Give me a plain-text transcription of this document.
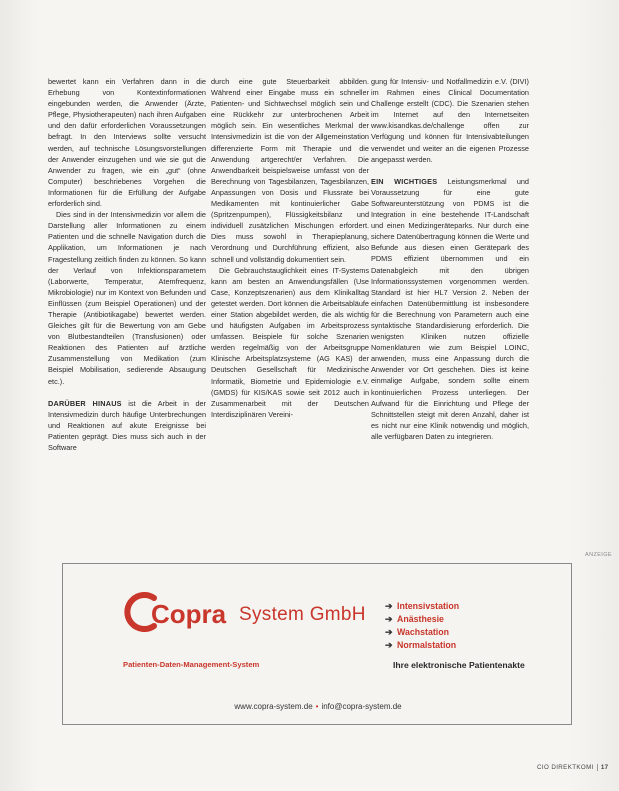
bewertet kann ein Verfahren dann in die Erhebung von Kontextinformationen eingebunden werden, die Anwender (Ärzte, Pflege, Physiotherapeuten) nach ihren Aufgaben und den dafür erforderlichen Voraussetzungen befragt. In den Interviews sollte versucht werden, auf technische Lösungsvorstellungen der Anwender einzugehen und wie sie gut die Anwender zu fragen, wie ein „gut“ (ohne Computer) beschriebenes Vorgehen die Informationen für die Erfüllung der Aufgabe erforderlich sind.

Dies sind in der Intensivmedizin vor allem die Darstellung aller Informationen zu einem Patienten und die schnelle Navigation durch die Applikation, um Informationen je nach Fragestellung zeitlich finden zu können. So kann der Verlauf von Infektionsparametern (Laborwerte, Temperatur, Atemfrequenz, Mikrobiologie) nur im Kontext von Befunden und Einflüssen (zum Beispiel Operationen) und der Therapie (Antibiotikagabe) bewertet werden. Gleiches gilt für die Bewertung von am Gebe von Blutbestandteilen (Transfusionen) oder Reaktionen des Patienten auf ärztliche Zusammenstellung von Medikation (zum Beispiel Mobilisation, sedierende Absaugung etc.).

DARÜBER HINAUS ist die Arbeit in der Intensivmedizin durch häufige Unterbrechungen und Reaktionen auf akute Ereignisse bei Patienten geprägt. Dies muss sich auch in der Software

durch eine gute Steuerbarkeit abbilden. Während einer Eingabe muss ein schneller Patienten- und Sichtwechsel möglich sein und eine Rückkehr zur unterbrochenen Arbeit möglich sein. Ein wesentliches Merkmal der Intensivmedizin ist die von der Allgemeinstation differenzierte Form mit Therapie und die Anwendung artgerecht/er Verfahren. Die Anwendbarkeit beispielsweise umfasst von der Berechnung von Tagesbilanzen, Tagesbilanzen, Anpassungen von Dosis und Flussrate bei Medikamenten mit kontinuierlicher Gabe (Spritzenpumpen), Flüssigkeitsbilanz und individuell zusätzlichen Mischungen erfordert. Dies muss sowohl in Therapieplanung, Verordnung und Durchführung effizient, also schnell und vollständig dokumentiert sein.

Die Gebrauchstauglichkeit eines IT-Systems kann am besten an Anwendungsfällen (Use Case, Konzeptszenarien) aus dem Klinikalltag getestet werden. Dort können die Arbeitsabläufe einer Station abgebildet werden, die als wichtig und häufigsten Aufgaben im Arbeitsprozess umfassen. Beispiele für solche Szenarien werden regelmäßig von der Arbeitsgruppe Klinische Arbeitsplatzsysteme (AG KAS) der Deutschen Gesellschaft für Medizinische Informatik, Biometrie und Epidemiologie e.V. (GMDS) für KIS/KAS sowie seit 2012 auch in Zusammenarbeit mit der Deutschen Interdisziplinären Vereini-

gung für Intensiv- und Notfallmedizin e.V. (DIVI) im Rahmen eines Clinical Documentation Challenge erstellt (CDC). Die Szenarien stehen im Internet auf den Internetseiten www.kisandkas.de/challenge offen zur Verfügung und können für Intensivabteilungen verwendet und weiter an die eigenen Prozesse angepasst werden.

EIN WICHTIGES Leistungsmerkmal und Voraussetzung für eine gute Softwareunterstützung von PDMS ist die Integration in eine bestehende IT-Landschaft und einen Medizingeräteparks. Nur durch eine sichere Datenübertragung können die Werte und Befunde aus diesen einen Gerätepark des PDMS effizient übernommen und ein Datenabgleich mit den übrigen Informationssystemen vorgenommen werden. Standard ist hier HL7 Version 2. Neben der einfachen Datenübermittlung ist insbesondere für die Berechnung von Parametern auch eine syntaktische Standardisierung erforderlich. Die wenigsten Kliniken nutzen offizielle Nomenklaturen wie zum Beispiel LOINC, anwenden, muss eine Anpassung durch die Anwender vor Ort geschehen. Dies ist keine einmalige Aufgabe, sondern sollte einem kontinuierlichen Prozess unterliegen. Der Aufwand für die Einrichtung und Pflege der Schnittstellen steigt mit deren Anzahl, daher ist es nicht nur eine Klinik notwendig und möglich, alle verfügbaren Daten zu integrieren.

ANZEIGE
Copra System GmbH
Patienten-Daten-Management-System
➔ Intensivstation
➔ Anästhesie
➔ Wachstation
➔ Normalstation
Ihre elektronische Patientenakte
www.copra-system.de • info@copra-system.de
CIO DIREKTKOMI 17
